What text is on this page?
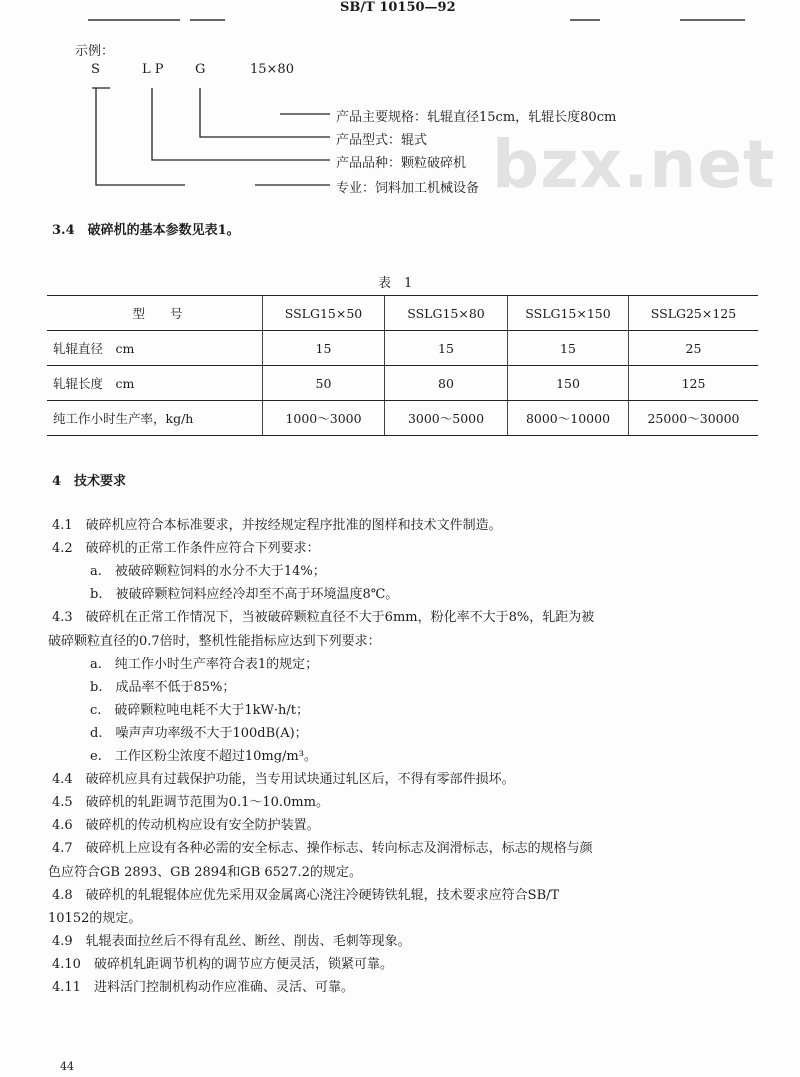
SB/T 10150—92
bzx.net
示例：
S	L P G	15×80
产品主要规格：轧辊直径15cm，轧辊长度80cm
产品型式：辊式
产品品种：颗粒破碎机
专业：饲料加工机械设备
3.4　破碎机的基本参数见表1。
表　1
型　　号	SSLG15×50	SSLG15×80	SSLG15×150	SSLG25×125
轧辊直径　cm	15	15	15	25
轧辊长度　cm	50	80	150	125
纯工作小时生产率，kg/h	1000～3000	3000～5000	8000～10000	25000～30000
4　技术要求
4.1　破碎机应符合本标准要求，并按经规定程序批准的图样和技术文件制造。
4.2　破碎机的正常工作条件应符合下列要求：
a.　被破碎颗粒饲料的水分不大于14%；
b.　被破碎颗粒饲料应经冷却至不高于环境温度8℃。
4.3　破碎机在正常工作情况下，当被破碎颗粒直径不大于6mm，粉化率不大于8%，轧距为被
破碎颗粒直径的0.7倍时，整机性能指标应达到下列要求：
a.　纯工作小时生产率符合表1的规定；
b.　成品率不低于85%；
c.　破碎颗粒吨电耗不大于1kW·h/t；
d.　噪声声功率级不大于100dB(A)；
e.　工作区粉尘浓度不超过10mg/m³。
4.4　破碎机应具有过载保护功能，当专用试块通过轧区后，不得有零部件损坏。
4.5　破碎机的轧距调节范围为0.1～10.0mm。
4.6　破碎机的传动机构应设有安全防护装置。
4.7　破碎机上应设有各种必需的安全标志、操作标志、转向标志及润滑标志，标志的规格与颜
色应符合GB 2893、GB 2894和GB 6527.2的规定。
4.8　破碎机的轧辊辊体应优先采用双金属离心浇注冷硬铸铁轧辊，技术要求应符合SB/T
10152的规定。
4.9　轧辊表面拉丝后不得有乱丝、断丝、削齿、毛刺等现象。
4.10　破碎机轧距调节机构的调节应方便灵活，锁紧可靠。
4.11　进料活门控制机构动作应准确、灵活、可靠。
44
